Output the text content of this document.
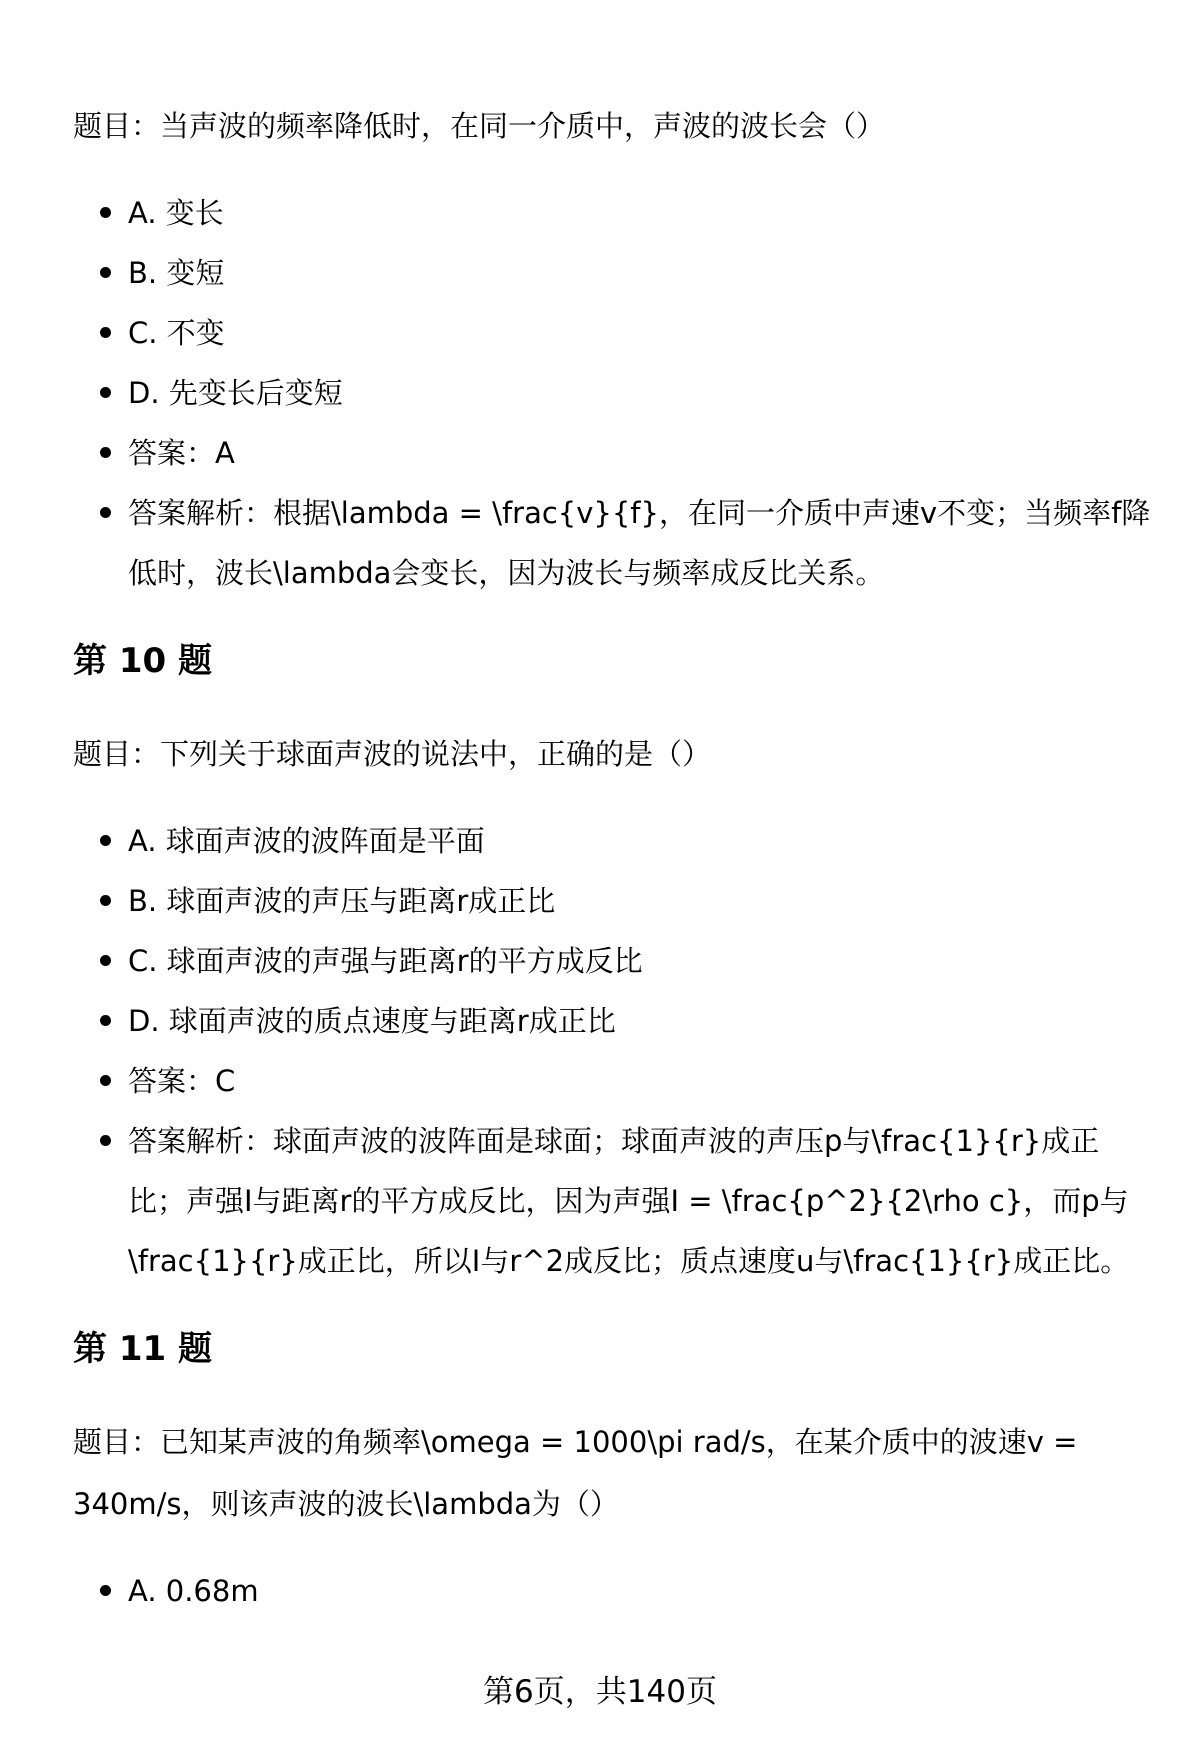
题目：当声波的频率降低时，在同一介质中，声波的波长会（）

A. 变长
B. 变短
C. 不变
D. 先变长后变短
答案：A
答案解析：根据\lambda = \frac{v}{f}，在同一介质中声速v不变；当频率f降低时，波长\lambda会变长，因为波长与频率成反比关系。
第 10 题

题目：下列关于球面声波的说法中，正确的是（）

A. 球面声波的波阵面是平面
B. 球面声波的声压与距离r成正比
C. 球面声波的声强与距离r的平方成反比
D. 球面声波的质点速度与距离r成正比
答案：C
答案解析：球面声波的波阵面是球面；球面声波的声压p与\frac{1}{r}成正比；声强I与距离r的平方成反比，因为声强I = \frac{p^2}{2\rho c}，而p与\frac{1}{r}成正比，所以I与r^2成反比；质点速度u与\frac{1}{r}成正比。
第 11 题

题目：已知某声波的角频率\omega = 1000\pi rad/s，在某介质中的波速v = 340m/s，则该声波的波长\lambda为（）

A. 0.68m
第6页，共140页
